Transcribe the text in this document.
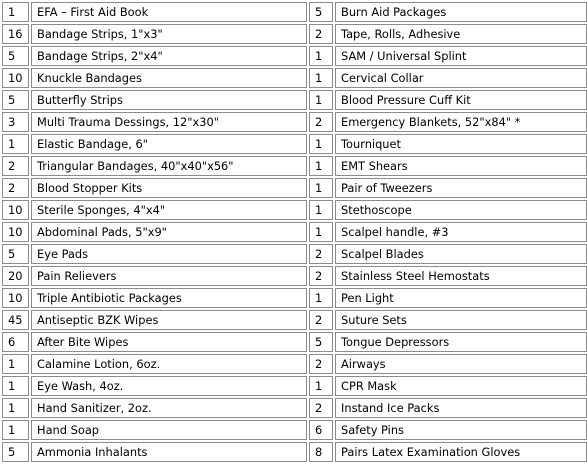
1	EFA – First Aid Book	5	Burn Aid Packages
16	Bandage Strips, 1"x3"	2	Tape, Rolls, Adhesive
5	Bandage Strips, 2"x4"	1	SAM / Universal Splint
10	Knuckle Bandages	1	Cervical Collar
5	Butterfly Strips	1	Blood Pressure Cuff Kit
3	Multi Trauma Dessings, 12"x30"	2	Emergency Blankets, 52"x84" *
1	Elastic Bandage, 6"	1	Tourniquet
2	Triangular Bandages, 40"x40"x56"	1	EMT Shears
2	Blood Stopper Kits	1	Pair of Tweezers
10	Sterile Sponges, 4"x4"	1	Stethoscope
10	Abdominal Pads, 5"x9"	1	Scalpel handle, #3
5	Eye Pads	2	Scalpel Blades
20	Pain Relievers	2	Stainless Steel Hemostats
10	Triple Antibiotic Packages	1	Pen Light
45	Antiseptic BZK Wipes	2	Suture Sets
6	After Bite Wipes	5	Tongue Depressors
1	Calamine Lotion, 6oz.	2	Airways
1	Eye Wash, 4oz.	1	CPR Mask
1	Hand Sanitizer, 2oz.	2	Instand Ice Packs
1	Hand Soap	6	Safety Pins
5	Ammonia Inhalants	8	Pairs Latex Examination Gloves
